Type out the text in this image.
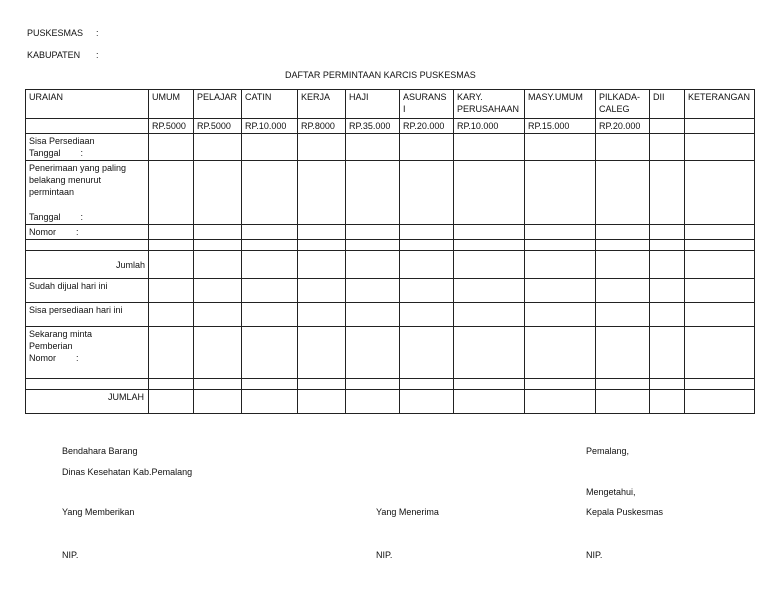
PUSKESMAS :
KABUPATEN :
DAFTAR PERMINTAAN KARCIS PUSKESMAS
URAIAN	UMUM	PELAJAR	CATIN	KERJA	HAJI	ASURANS I	KARY. PERUSAHAAN	MASY.UMUM	PILKADA- CALEG	DII	KETERANGAN
	RP.5000	RP.5000	RP.10.000	RP.8000	RP.35.000	RP.20.000	RP.10.000	RP.15.000	RP.20.000		

Sisa Persediaan
Tanggal        :											

Penerimaan yang paling belakang menurut permintaan
Tanggal        :											

Nomor        :											

Jumlah											
Sudah dijual hari ini											
Sisa persediaan hari ini											

Sekarang minta
Pemberian
Nomor        :											

JUMLAH											
Bendahara Barang
Dinas Kesehatan Kab.Pemalang
Yang Memberikan	Yang Menerima
Pemalang,
Mengetahui,
Kepala Puskesmas
NIP.	NIP.	NIP.
